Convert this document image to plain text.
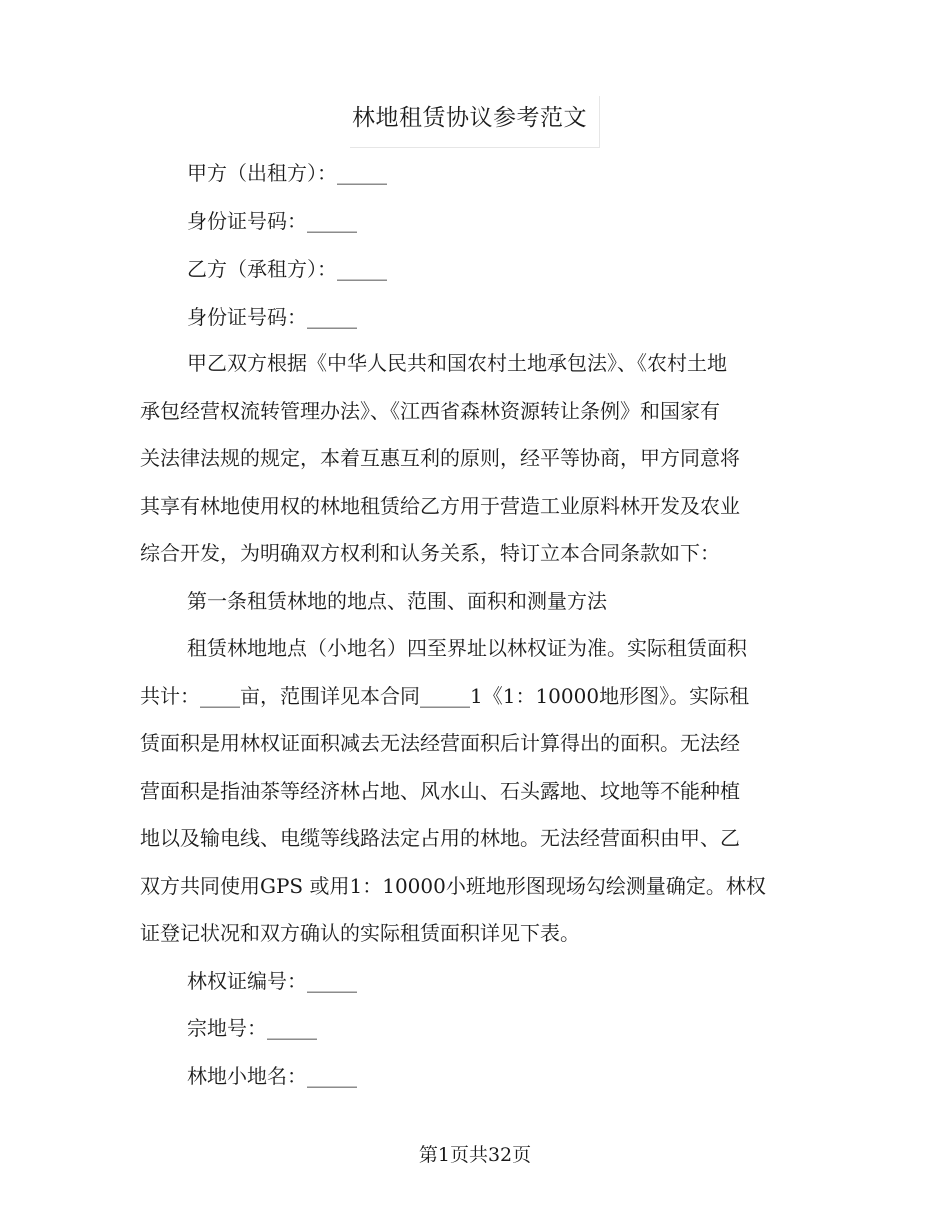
林地租赁协议参考范文
甲方（出租方）：_____
身份证号码：_____
乙方（承租方）：_____
身份证号码：_____
甲乙双方根据《中华人民共和国农村土地承包法》、《农村土地
承包经营权流转管理办法》、《江西省森林资源转让条例》和国家有
关法律法规的规定，本着互惠互利的原则，经平等协商，甲方同意将
其享有林地使用权的林地租赁给乙方用于营造工业原料林开发及农业
综合开发，为明确双方权利和认务关系，特订立本合同条款如下：
第一条租赁林地的地点、范围、面积和测量方法
租赁林地地点（小地名）四至界址以林权证为准。实际租赁面积
共计：____亩，范围详见本合同_____1《1：10000地形图》。实际租
赁面积是用林权证面积减去无法经营面积后计算得出的面积。无法经
营面积是指油茶等经济林占地、风水山、石头露地、坟地等不能种植
地以及输电线、电缆等线路法定占用的林地。无法经营面积由甲、乙
双方共同使用GPS 或用1：10000小班地形图现场勾绘测量确定。林权
证登记状况和双方确认的实际租赁面积详见下表。
林权证编号：_____
宗地号：_____
林地小地名：_____
第1页共32页
